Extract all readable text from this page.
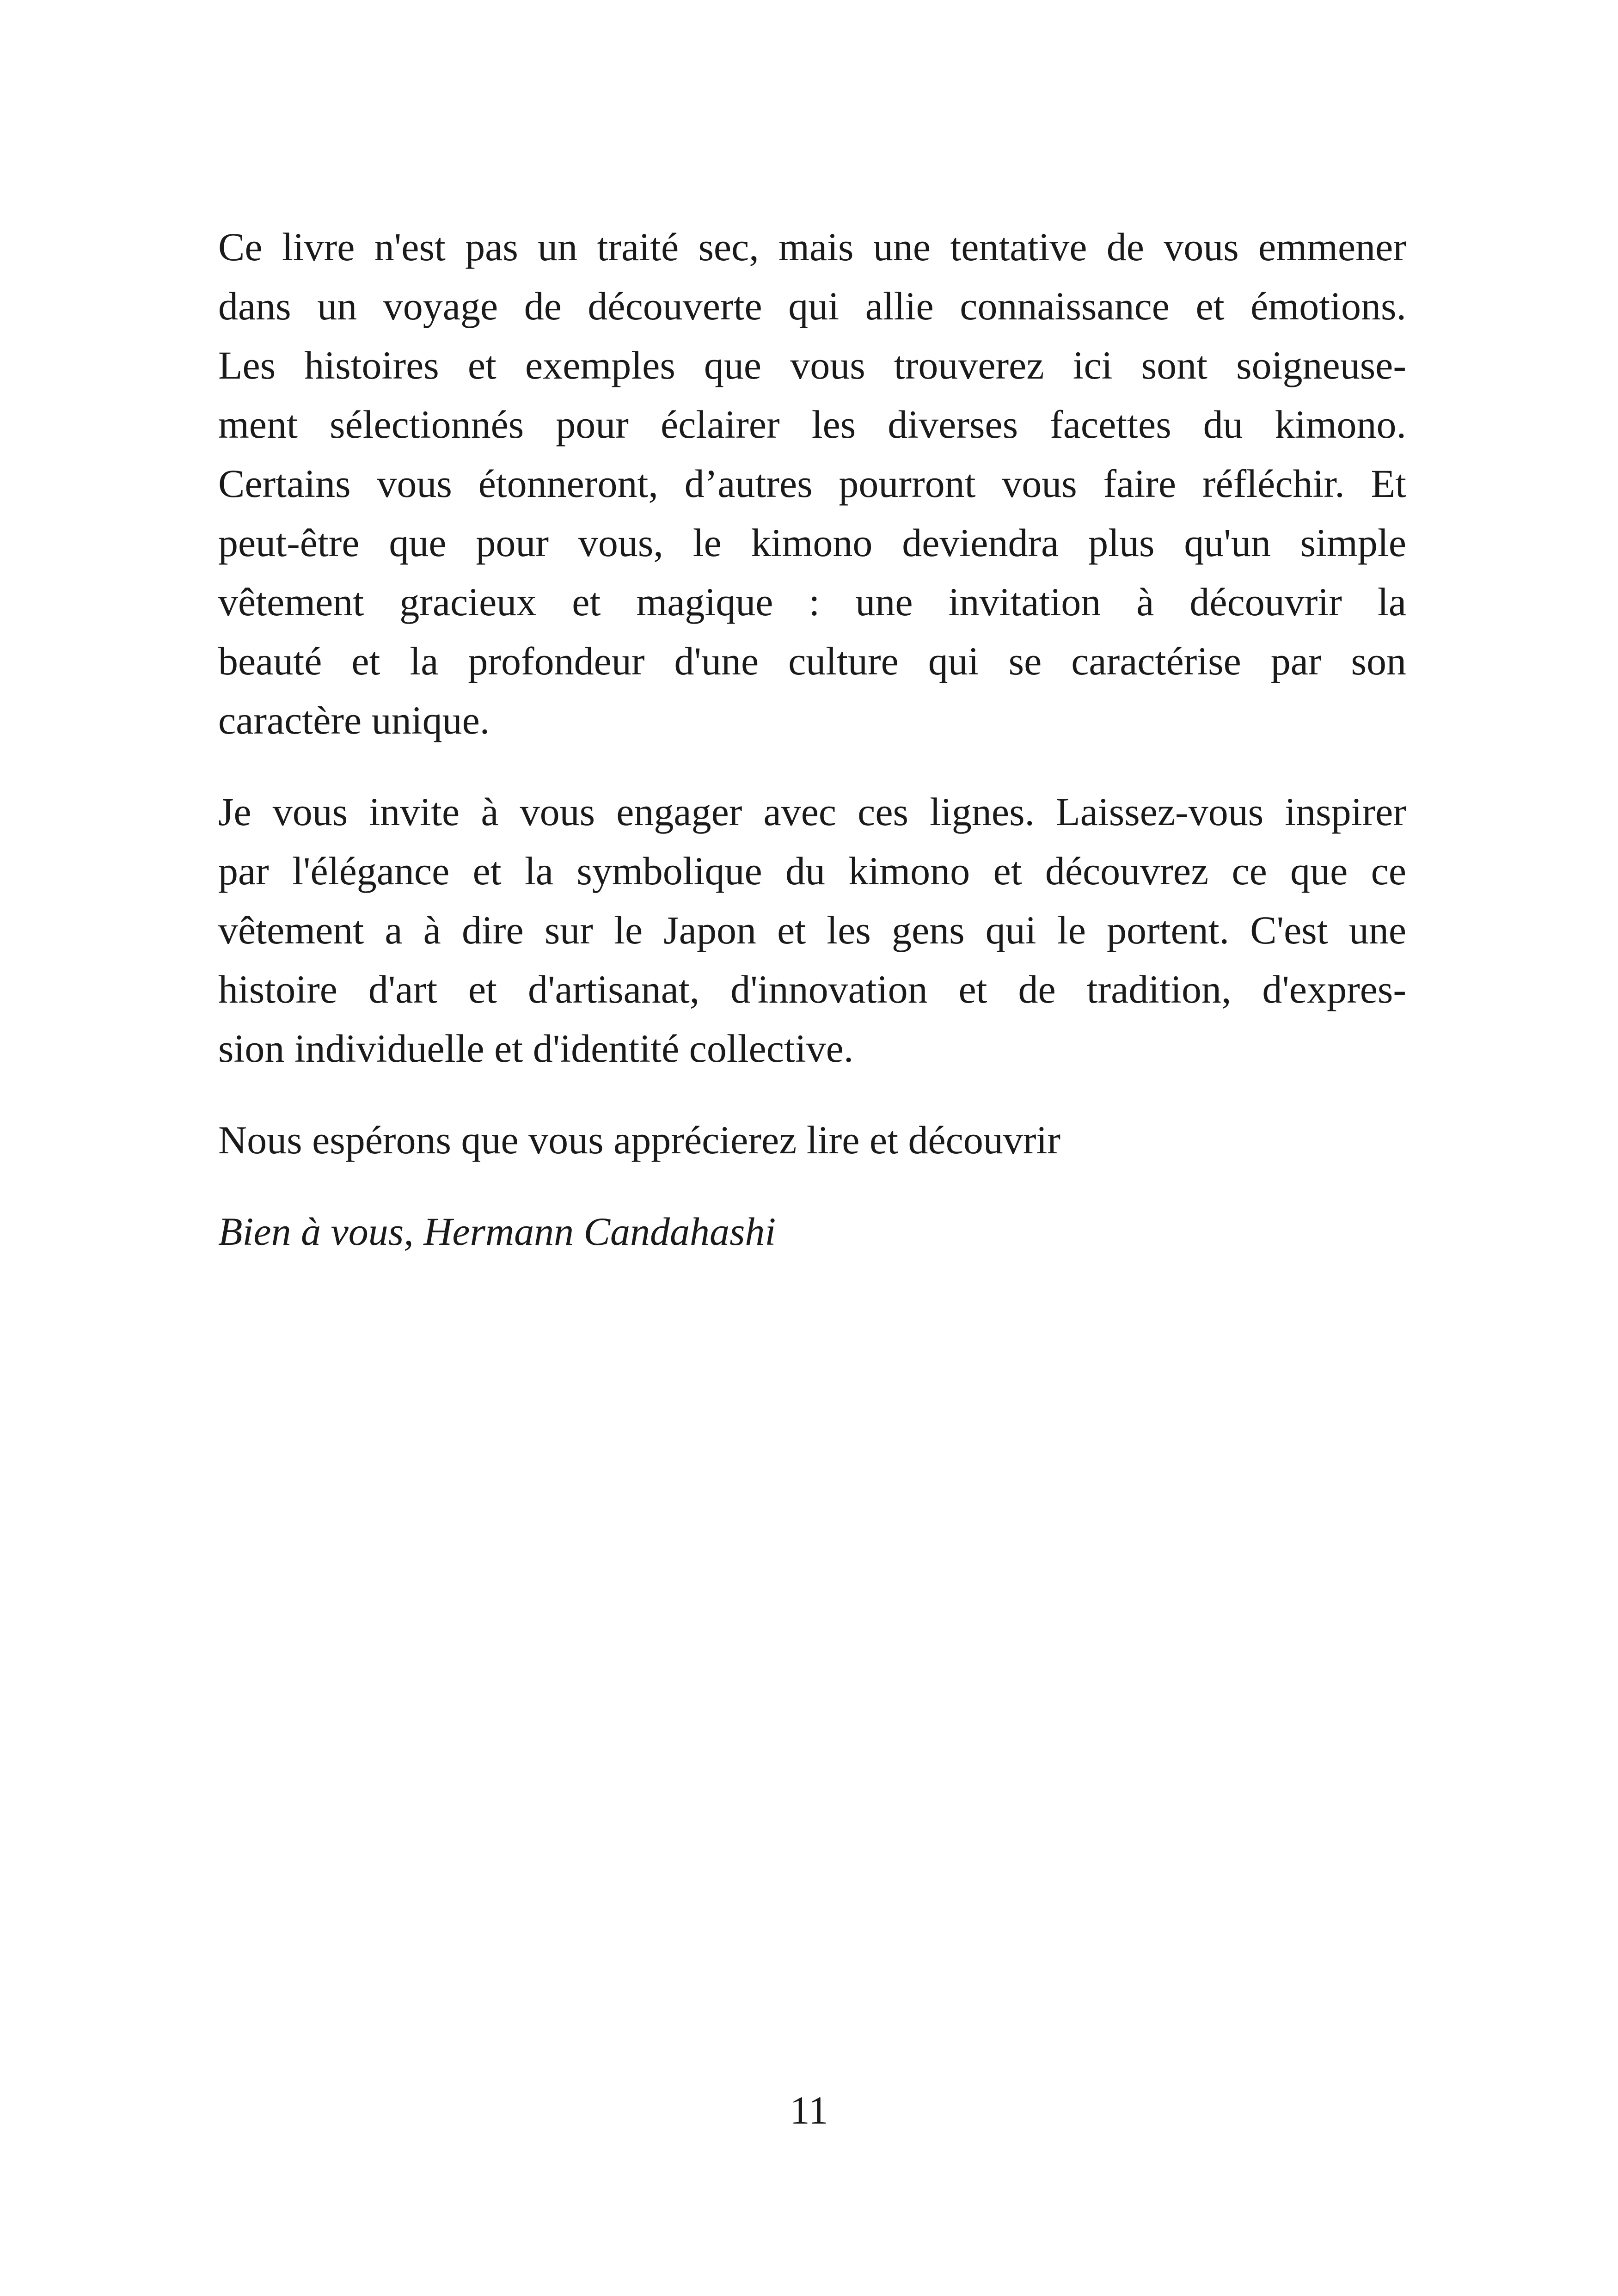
Ce livre n'est pas un traité sec, mais une tentative de vous emmener
dans un voyage de découverte qui allie connaissance et émotions.
Les histoires et exemples que vous trouverez ici sont soigneuse-
ment sélectionnés pour éclairer les diverses facettes du kimono.
Certains vous étonneront, d’autres pourront vous faire réfléchir. Et
peut-être que pour vous, le kimono deviendra plus qu'un simple
vêtement gracieux et magique : une invitation à découvrir la
beauté et la profondeur d'une culture qui se caractérise par son
caractère unique.

Je vous invite à vous engager avec ces lignes. Laissez-vous inspirer
par l'élégance et la symbolique du kimono et découvrez ce que ce
vêtement a à dire sur le Japon et les gens qui le portent. C'est une
histoire d'art et d'artisanat, d'innovation et de tradition, d'expres-
sion individuelle et d'identité collective.

Nous espérons que vous apprécierez lire et découvrir

Bien à vous, Hermann Candahashi

11
